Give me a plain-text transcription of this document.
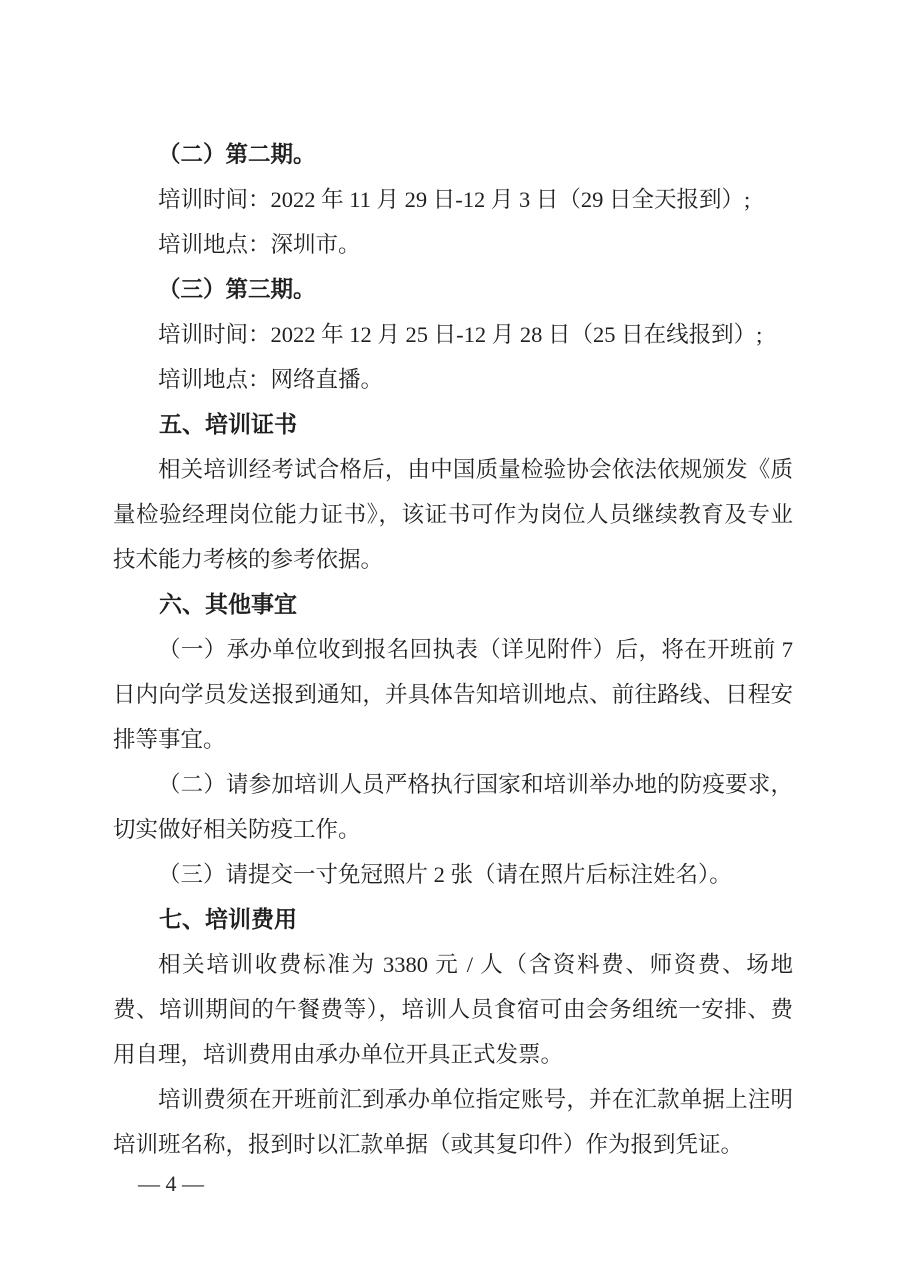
（二）第二期。

培训时间：2022 年 11 月 29 日-12 月 3 日（29 日全天报到）;

培训地点：深圳市。

（三）第三期。

培训时间：2022 年 12 月 25 日-12 月 28 日（25 日在线报到）;

培训地点：网络直播。

五、培训证书

相关培训经考试合格后，由中国质量检验协会依法依规颁发《质量检验经理岗位能力证书》，该证书可作为岗位人员继续教育及专业技术能力考核的参考依据。

六、其他事宜

（一）承办单位收到报名回执表（详见附件）后，将在开班前 7 日内向学员发送报到通知，并具体告知培训地点、前往路线、日程安排等事宜。

（二）请参加培训人员严格执行国家和培训举办地的防疫要求，切实做好相关防疫工作。

（三）请提交一寸免冠照片 2 张（请在照片后标注姓名）。

七、培训费用

相关培训收费标准为 3380 元 / 人（含资料费、师资费、场地费、培训期间的午餐费等），培训人员食宿可由会务组统一安排、费用自理，培训费用由承办单位开具正式发票。

培训费须在开班前汇到承办单位指定账号，并在汇款单据上注明培训班名称，报到时以汇款单据（或其复印件）作为报到凭证。

— 4 —
